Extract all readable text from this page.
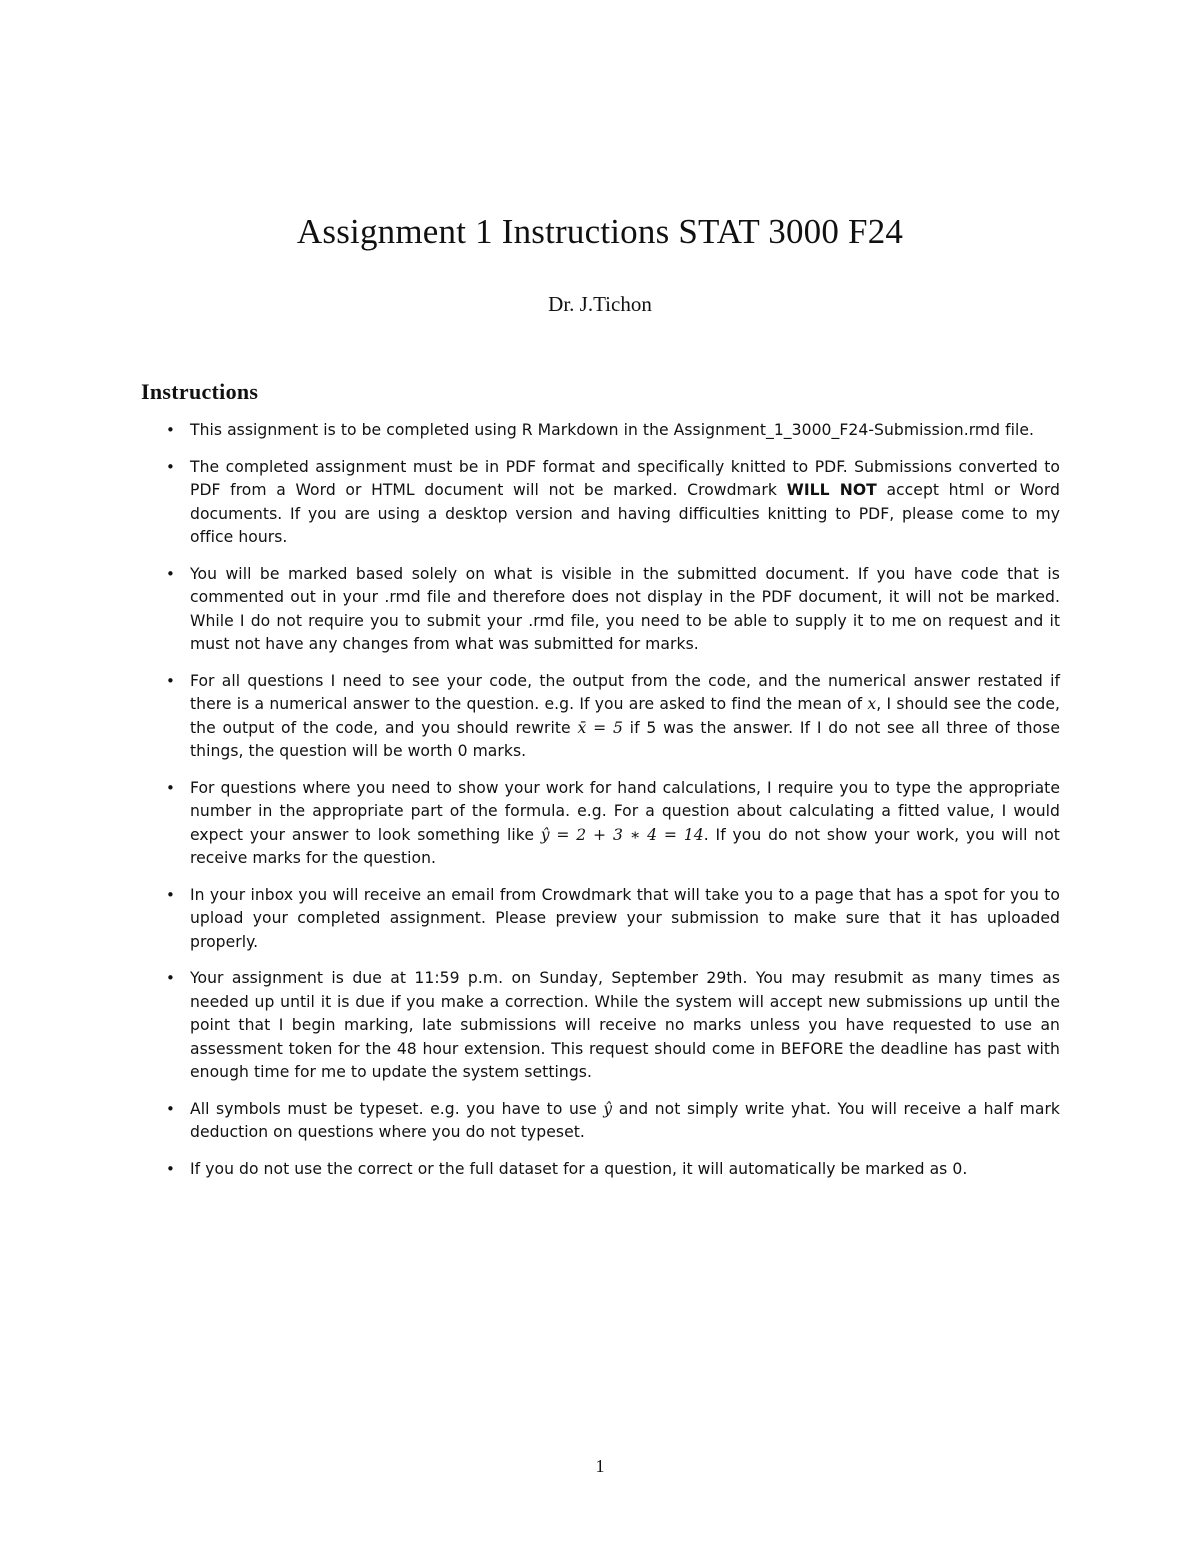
Assignment 1 Instructions STAT 3000 F24
Dr. J.Tichon
Instructions
• This assignment is to be completed using R Markdown in the Assignment_1_3000_F24-Submission.rmd file.
• The completed assignment must be in PDF format and specifically knitted to PDF. Submissions converted to PDF from a Word or HTML document will not be marked. Crowdmark WILL NOT accept html or Word documents. If you are using a desktop version and having difficulties knitting to PDF, please come to my office hours.
• You will be marked based solely on what is visible in the submitted document. If you have code that is commented out in your .rmd file and therefore does not display in the PDF document, it will not be marked. While I do not require you to submit your .rmd file, you need to be able to supply it to me on request and it must not have any changes from what was submitted for marks.
• For all questions I need to see your code, the output from the code, and the numerical answer restated if there is a numerical answer to the question. e.g. If you are asked to find the mean of x, I should see the code, the output of the code, and you should rewrite x̄ = 5 if 5 was the answer. If I do not see all three of those things, the question will be worth 0 marks.
• For questions where you need to show your work for hand calculations, I require you to type the appropriate number in the appropriate part of the formula. e.g. For a question about calculating a fitted value, I would expect your answer to look something like ŷ = 2 + 3 ∗ 4 = 14. If you do not show your work, you will not receive marks for the question.
• In your inbox you will receive an email from Crowdmark that will take you to a page that has a spot for you to upload your completed assignment. Please preview your submission to make sure that it has uploaded properly.
• Your assignment is due at 11:59 p.m. on Sunday, September 29th. You may resubmit as many times as needed up until it is due if you make a correction. While the system will accept new submissions up until the point that I begin marking, late submissions will receive no marks unless you have requested to use an assessment token for the 48 hour extension. This request should come in BEFORE the deadline has past with enough time for me to update the system settings.
• All symbols must be typeset. e.g. you have to use ŷ and not simply write yhat. You will receive a half mark deduction on questions where you do not typeset.
• If you do not use the correct or the full dataset for a question, it will automatically be marked as 0.
1
